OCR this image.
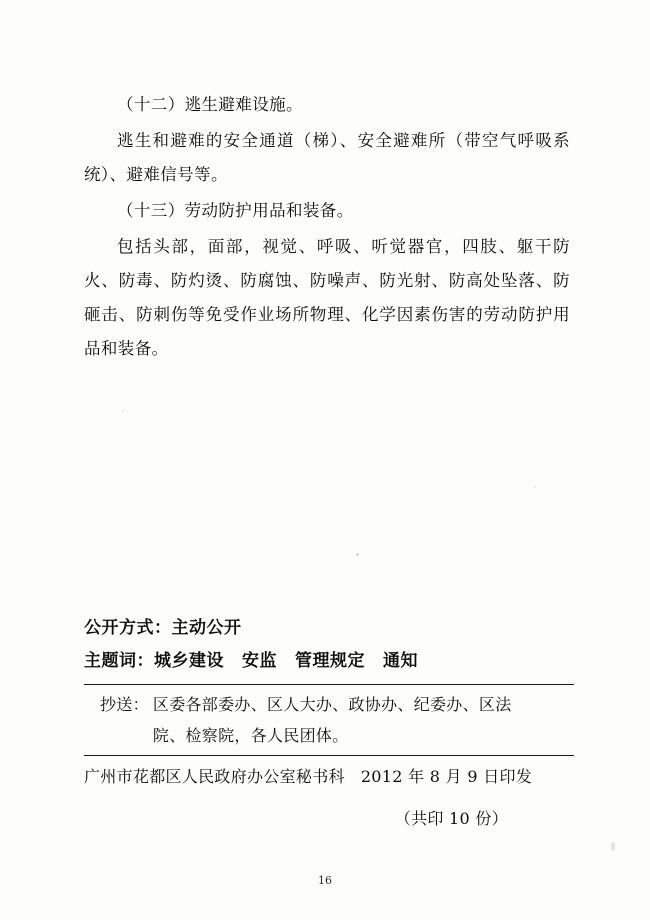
（十二）逃生避难设施。

逃生和避难的安全通道（梯）、安全避难所（带空气呼吸系统）、避难信号等。

（十三）劳动防护用品和装备。

包括头部，面部，视觉、呼吸、听觉器官，四肢、躯干防火、防毒、防灼烫、防腐蚀、防噪声、防光射、防高处坠落、防砸击、防刺伤等免受作业场所物理、化学因素伤害的劳动防护用品和装备。

公开方式：主动公开

主题词：城乡建设 安监 管理规定 通知

抄送： 区委各部委办、区人大办、政协办、纪委办、区法
院、检察院，各人民团体。

广州市花都区人民政府办公室秘书科 2012 年 8 月 9 日印发

（共印 10 份）

16
